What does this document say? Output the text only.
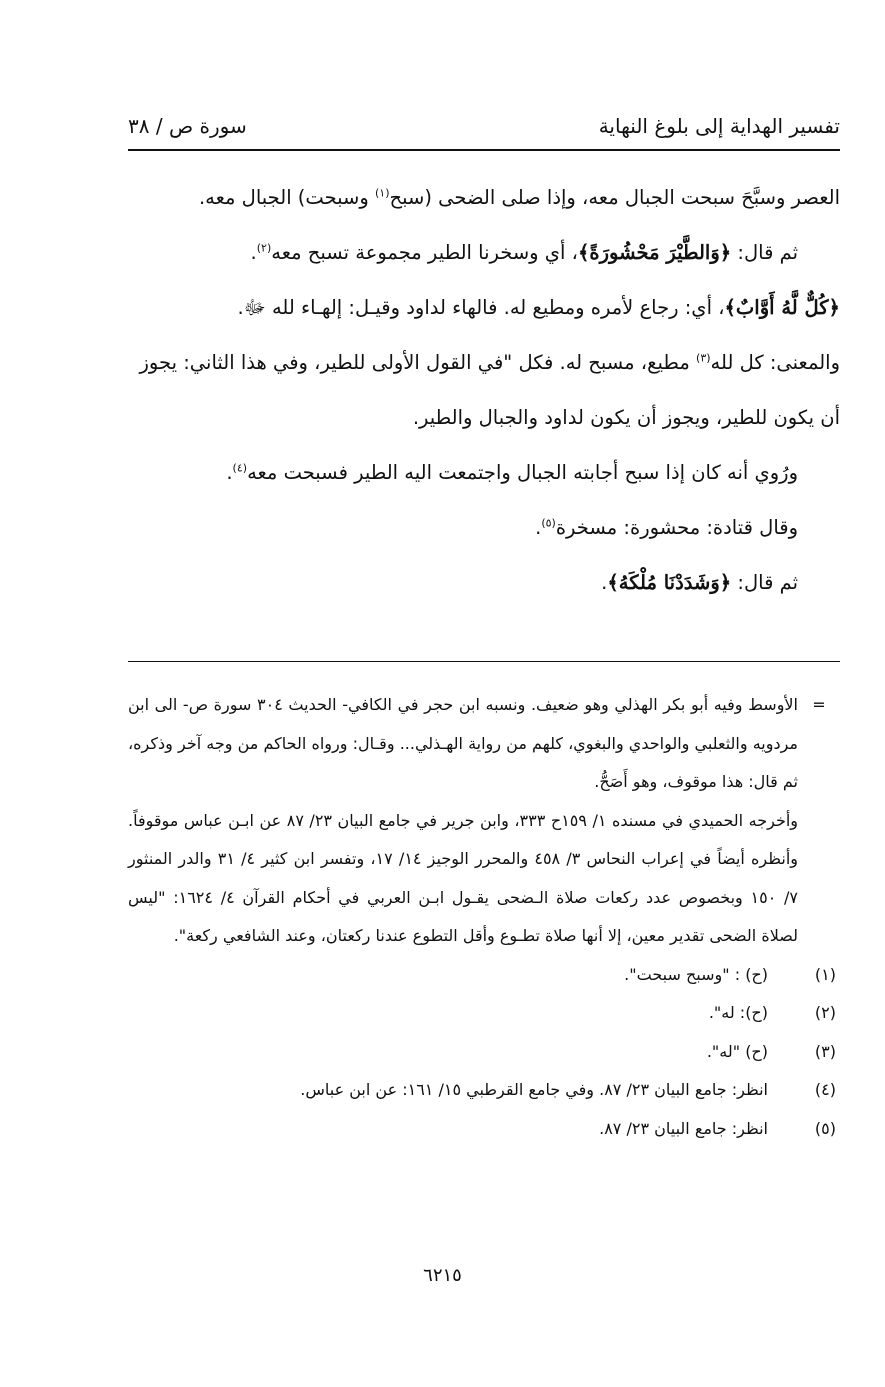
تفسير الهداية إلى بلوغ النهاية
سورة ص / ٣٨

العصر وسبَّحَ سبحت الجبال معه، وإذا صلى الضحى (سبح$^{(١)}$ وسبحت) الجبال معه.

ثم قال: ﴿وَالطَّيْرَ مَحْشُورَةً﴾، أي وسخرنا الطير مجموعة تسبح معه$^{(٢)}$.

﴿كُلٌّ لَّهُ أَوَّابٌ﴾، أي: رجاع لأمره ومطيع له. فالهاء لداود وقيـل: إلهـاء لله ﷻ.

والمعنى: كل لله$^{(٣)}$ مطيع، مسبح له. فكل "في القول الأولى للطير، وفي هذا الثاني: يجوز

أن يكون للطير، ويجوز أن يكون لداود والجبال والطير.

ورُوي أنه كان إذا سبح أجابته الجبال واجتمعت اليه الطير فسبحت معه$^{(٤)}$.

وقال قتادة: محشورة: مسخرة$^{(٥)}$.

ثم قال: ﴿وَشَدَدْنَا مُلْكَهُ﴾.

=

الأوسط وفيه أبو بكر الهذلي وهو ضعيف. ونسبه ابن حجر في الكافي- الحديث ٣٠٤ سورة ص- الى ابن مردويه والثعلبي والواحدي والبغوي، كلهم من رواية الهـذلي... وقـال: ورواه الحاكم من وجه آخر وذكره، ثم قال: هذا موقوف، وهو أَصَحُّ.

وأخرجه الحميدي في مسنده ١/ ١٥٩ح ٣٣٣، وابن جرير في جامع البيان ٢٣/ ٨٧ عن ابـن عباس موقوفاً. وأنظره أيضاً في إعراب النحاس ٣/ ٤٥٨ والمحرر الوجيز ١٤/ ١٧، وتفسر ابن كثير ٤/ ٣١ والدر المنثور ٧/ ١٥٠ وبخصوص عدد ركعات صلاة الـضحى يقـول ابـن العربي في أحكام القرآن ٤/ ١٦٢٤: "ليس لصلاة الضحى تقدير معين، إلا أنها صلاة تطـوع وأقل التطوع عندنا ركعتان، وعند الشافعي ركعة".

(١)
(ح) : "وسبح سبحت".
(٢)
(ح): له".
(٣)
(ح) "له".
(٤)
انظر: جامع البيان ٢٣/ ٨٧. وفي جامع القرطبي ١٥/ ١٦١: عن ابن عباس.
(٥)
انظر: جامع البيان ٢٣/ ٨٧.
٦٢١٥
